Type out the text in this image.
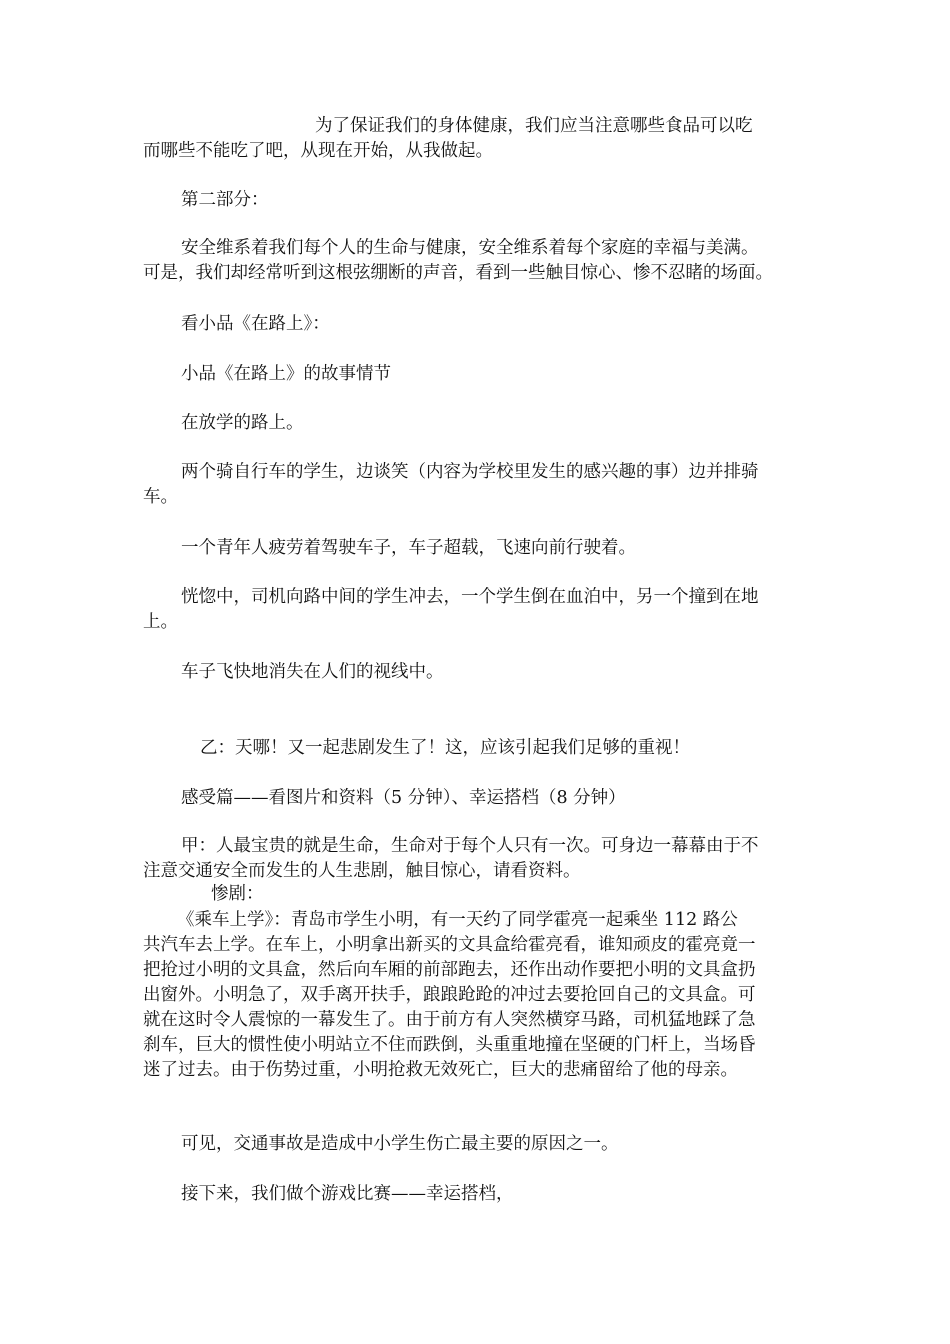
为了保证我们的身体健康，我们应当注意哪些食品可以吃
而哪些不能吃了吧，从现在开始，从我做起。

第二部分：

安全维系着我们每个人的生命与健康，安全维系着每个家庭的幸福与美满。
可是，我们却经常听到这根弦绷断的声音，看到一些触目惊心、惨不忍睹的场面。

看小品《在路上》：

小品《在路上》的故事情节

在放学的路上。

两个骑自行车的学生，边谈笑（内容为学校里发生的感兴趣的事）边并排骑
车。

一个青年人疲劳着驾驶车子，车子超载，飞速向前行驶着。

恍惚中，司机向路中间的学生冲去，一个学生倒在血泊中，另一个撞到在地
上。

车子飞快地消失在人们的视线中。

乙：天哪！又一起悲剧发生了！这，应该引起我们足够的重视！

感受篇——看图片和资料（5 分钟）、幸运搭档（8 分钟）

甲：人最宝贵的就是生命，生命对于每个人只有一次。可身边一幕幕由于不
注意交通安全而发生的人生悲剧，触目惊心，请看资料。

惨剧：

《乘车上学》：青岛市学生小明，有一天约了同学霍亮一起乘坐 112 路公
共汽车去上学。在车上，小明拿出新买的文具盒给霍亮看，谁知顽皮的霍亮竟一
把抢过小明的文具盒，然后向车厢的前部跑去，还作出动作要把小明的文具盒扔
出窗外。小明急了，双手离开扶手，踉踉跄跄的冲过去要抢回自己的文具盒。可
就在这时令人震惊的一幕发生了。由于前方有人突然横穿马路，司机猛地踩了急
刹车，巨大的惯性使小明站立不住而跌倒，头重重地撞在坚硬的门杆上，当场昏
迷了过去。由于伤势过重，小明抢救无效死亡，巨大的悲痛留给了他的母亲。

可见，交通事故是造成中小学生伤亡最主要的原因之一。

接下来，我们做个游戏比赛——幸运搭档，
